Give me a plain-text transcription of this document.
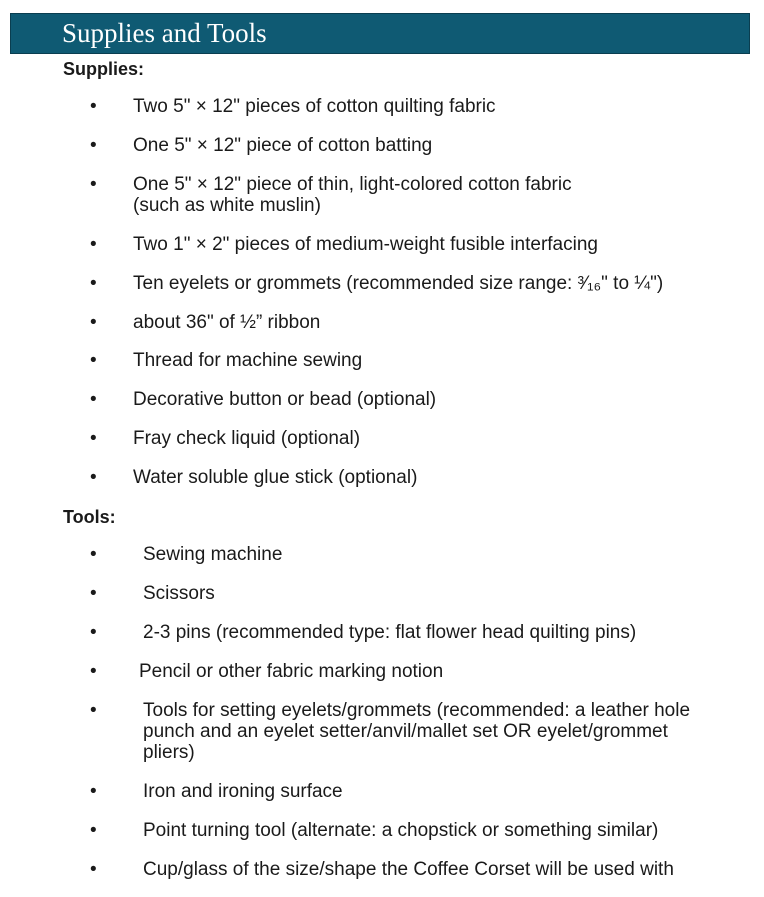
Supplies and Tools
Supplies:
• Two 5" × 12" pieces of cotton quilting fabric
• One 5" × 12" piece of cotton batting
• One 5" × 12" piece of thin, light-colored cotton fabric
(such as white muslin)
• Two 1" × 2" pieces of medium-weight fusible interfacing
• Ten eyelets or grommets (recommended size range: ³⁄₁₆" to ¼")
• about 36" of ½” ribbon
• Thread for machine sewing
• Decorative button or bead (optional)
• Fray check liquid (optional)
• Water soluble glue stick (optional)
Tools:
• Sewing machine
• Scissors
• 2-3 pins (recommended type: flat flower head quilting pins)
• Pencil or other fabric marking notion
• Tools for setting eyelets/grommets (recommended: a leather hole
punch and an eyelet setter/anvil/mallet set OR eyelet/grommet
pliers)
• Iron and ironing surface
• Point turning tool (alternate: a chopstick or something similar)
• Cup/glass of the size/shape the Coffee Corset will be used with
